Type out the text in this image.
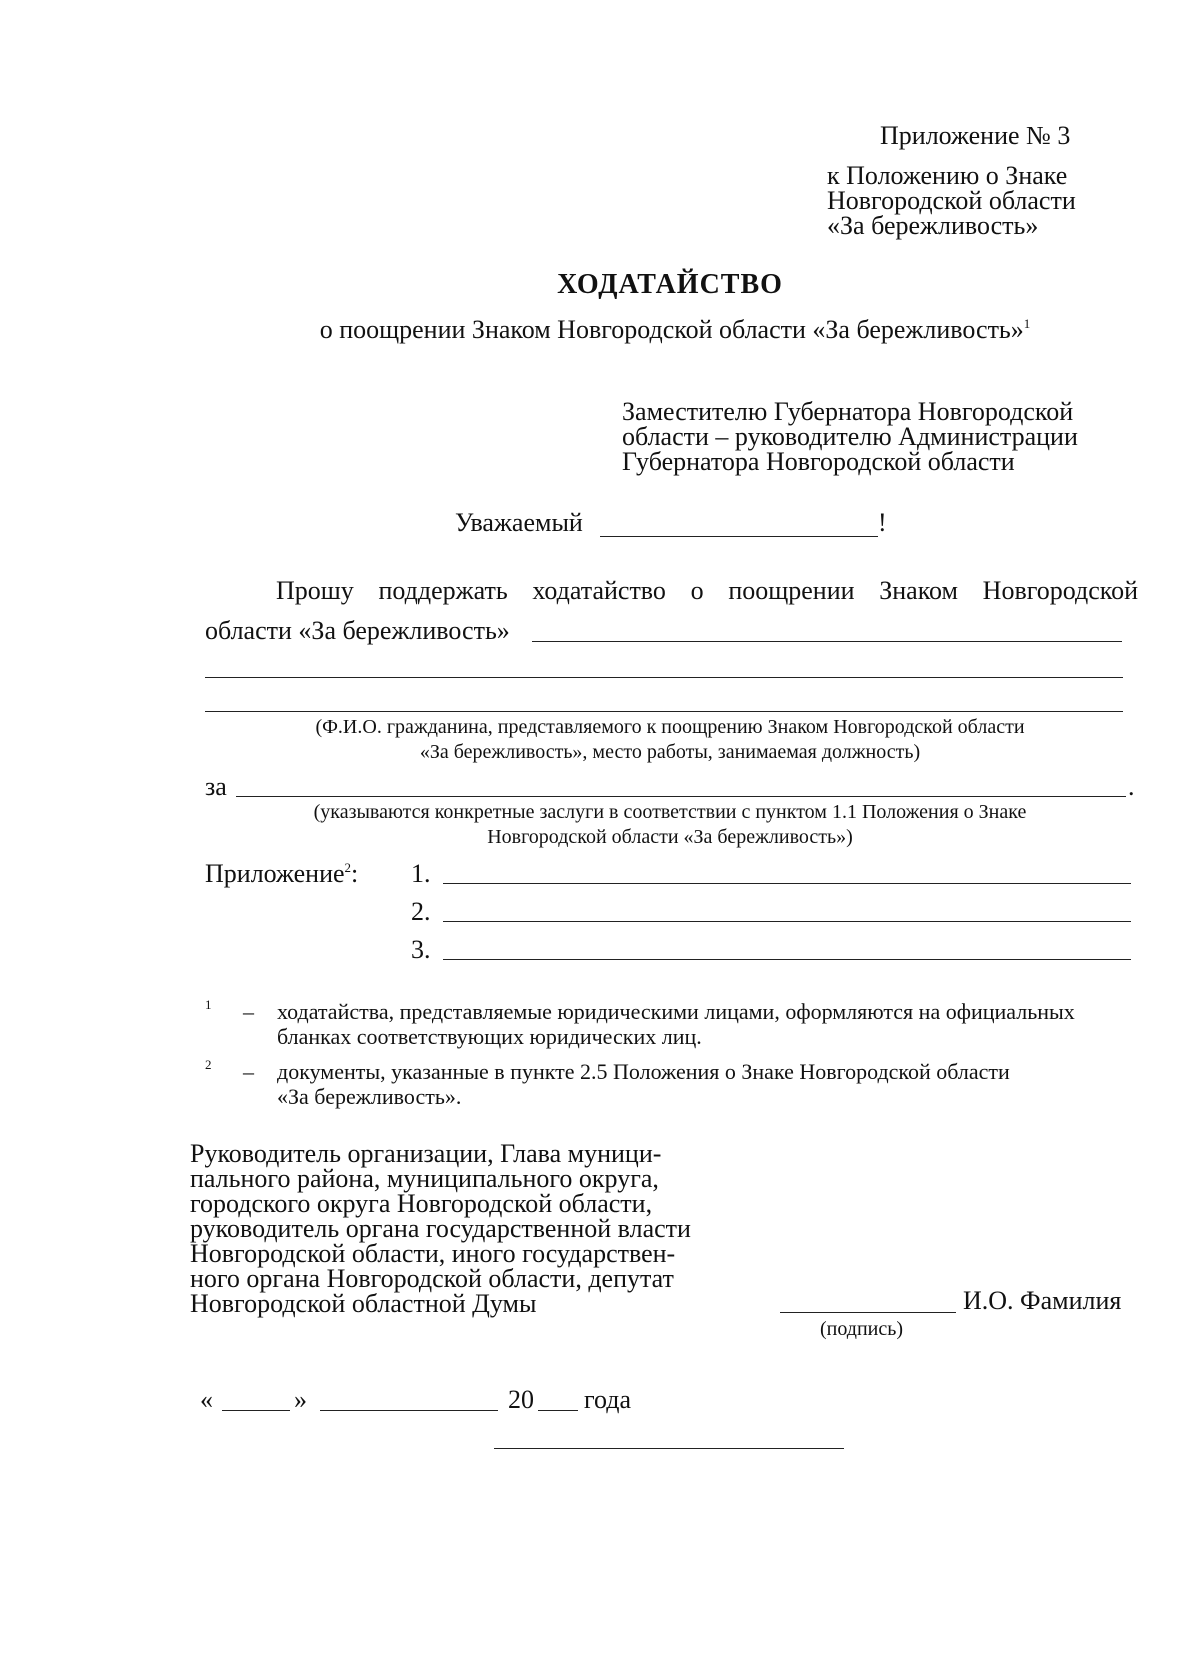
Приложение № 3
к Положению о Знаке
Новгородской области
«За бережливость»
ХОДАТАЙСТВО
о поощрении Знаком Новгородской области «За бережливость»$^1$
Заместителю Губернатора Новгородской
области – руководителю Администрации
Губернатора Новгородской области
Уважаемый	!
Прошу поддержать ходатайство о поощрении Знаком Новгородской
области «За бережливость»
(Ф.И.О. гражданина, представляемого к поощрению Знаком Новгородской области
«За бережливость», место работы, занимаемая должность)
за	.
(указываются конкретные заслуги в соответствии с пунктом 1.1 Положения о Знаке
Новгородской области «За бережливость»)
Приложение$^2$: 1.
2.
3.
1 – ходатайства, представляемые юридическими лицами, оформляются на официальных
бланках соответствующих юридических лиц.
2 – документы, указанные в пункте 2.5 Положения о Знаке Новгородской области
«За бережливость».
Руководитель организации, Глава муници-
пального района, муниципального округа,
городского округа Новгородской области,
руководитель органа государственной власти
Новгородской области, иного государствен-
ного органа Новгородской области, депутат
Новгородской областной Думы	И.О. Фамилия
(подпись)
«	»	20 года
